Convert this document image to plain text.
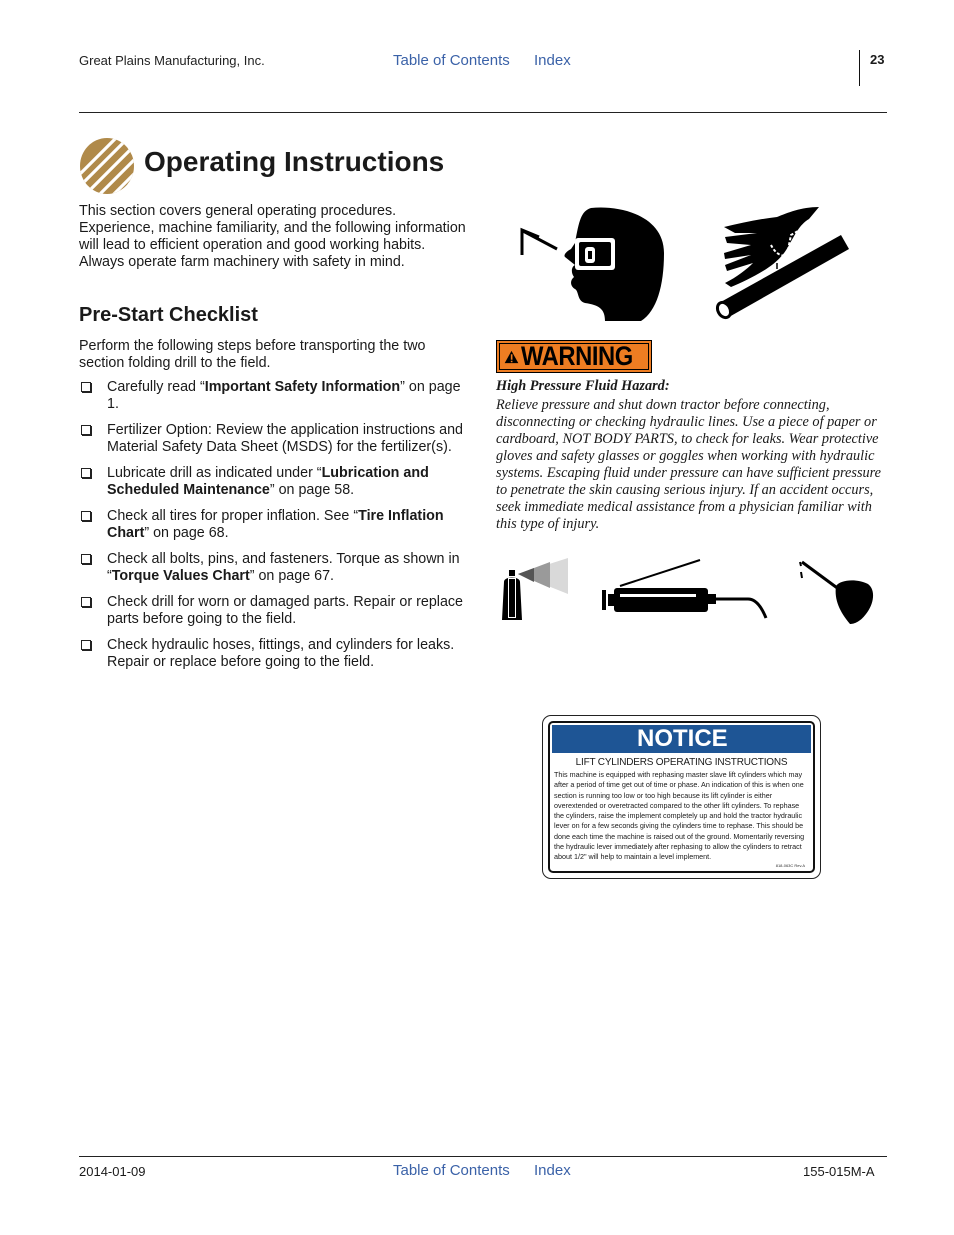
Great Plains Manufacturing, Inc.	Table of Contents Index	23
Operating Instructions

This section covers general operating procedures. Experience, machine familiarity, and the following information will lead to efficient operation and good working habits. Always operate farm machinery with safety in mind.

Pre-Start Checklist

Perform the following steps before transporting the two section folding drill to the field.

Carefully read “Important Safety Information” on page 1.
Fertilizer Option: Review the application instructions and Material Safety Data Sheet (MSDS) for the fertilizer(s).
Lubricate drill as indicated under “Lubrication and Scheduled Maintenance” on page 58.
Check all tires for proper inflation. See “Tire Inflation Chart” on page 68.
Check all bolts, pins, and fasteners. Torque as shown in “Torque Values Chart” on page 67.
Check drill for worn or damaged parts. Repair or replace parts before going to the field.
Check hydraulic hoses, fittings, and cylinders for leaks. Repair or replace before going to the field.
WARNING

High Pressure Fluid Hazard:

Relieve pressure and shut down tractor before connecting, disconnecting or checking hydraulic lines. Use a piece of paper or cardboard, NOT BODY PARTS, to check for leaks. Wear protective gloves and safety glasses or goggles when working with hydraulic systems. Escaping fluid under pressure can have sufficient pressure to penetrate the skin causing serious injury. If an accident occurs, seek immediate medical assistance from a physician familiar with this type of injury.

NOTICE
LIFT CYLINDERS OPERATING INSTRUCTIONS

This machine is equipped with rephasing master slave lift cylinders which may after a period of time get out of time or phase. An indication of this is when one section is running too low or too high because its lift cylinder is either overextended or overetracted compared to the other lift cylinders. To rephase the cylinders, raise the implement completely up and hold the tractor hydraulic lever on for a few seconds giving the cylinders time to rephase. This should be done each time the machine is raised out of the ground. Momentarily reversing the hydraulic lever immediately after rephasing to allow the cylinders to retract about 1/2" will help to maintain a level implement.

818-063C Rev.A
2014-01-09	Table of Contents Index	155-015M-A
